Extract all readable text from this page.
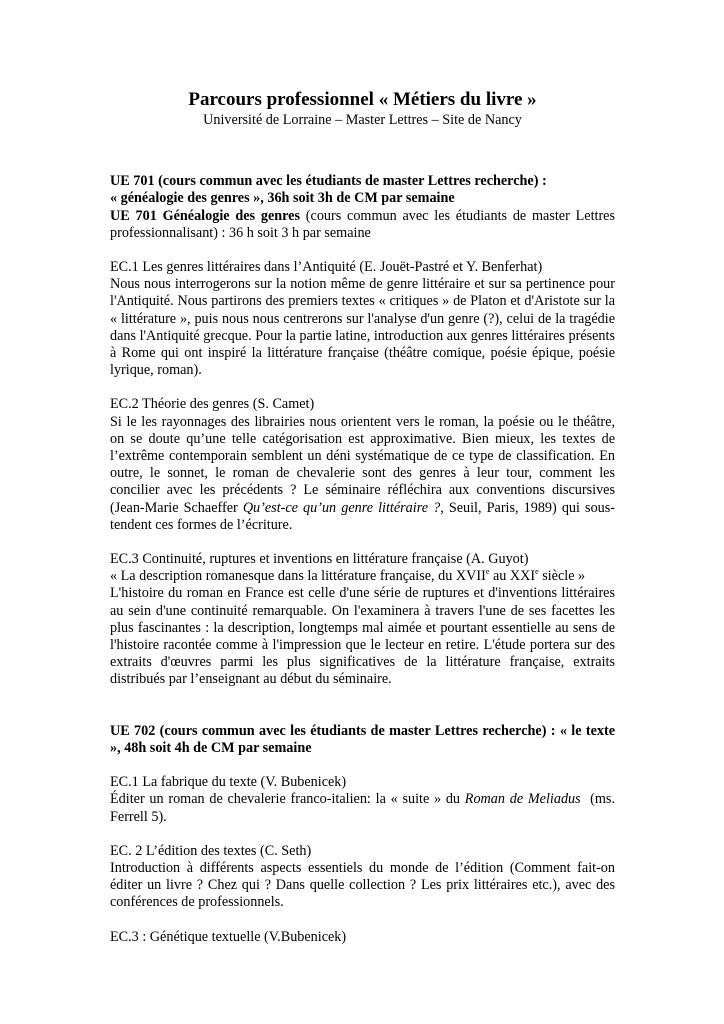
Parcours professionnel « Métiers du livre »
Université de Lorraine – Master Lettres – Site de Nancy
UE 701 (cours commun avec les étudiants de master Lettres recherche) :
« généalogie des genres », 36h soit 3h de CM par semaine

UE 701 Généalogie des genres (cours commun avec les étudiants de master Lettres professionnalisant) : 36 h soit 3 h par semaine

EC.1 Les genres littéraires dans l’Antiquité (E. Jouët-Pastré et Y. Benferhat)

Nous nous interrogerons sur la notion même de genre littéraire et sur sa pertinence pour l'Antiquité. Nous partirons des premiers textes « critiques » de Platon et d'Aristote sur la « littérature », puis nous nous centrerons sur l'analyse d'un genre (?), celui de la tragédie dans l'Antiquité grecque. Pour la partie latine, introduction aux genres littéraires présents à Rome qui ont inspiré la littérature française (théâtre comique, poésie épique, poésie lyrique, roman).

EC.2 Théorie des genres (S. Camet)

Si le les rayonnages des librairies nous orientent vers le roman, la poésie ou le théâtre, on se doute qu’une telle catégorisation est approximative. Bien mieux, les textes de l’extrême contemporain semblent un déni systématique de ce type de classification. En outre, le sonnet, le roman de chevalerie sont des genres à leur tour, comment les concilier avec les précédents ? Le séminaire réfléchira aux conventions discursives (Jean-Marie Schaeffer Qu’est-ce qu’un genre littéraire ?, Seuil, Paris, 1989) qui sous-tendent ces formes de l’écriture.

EC.3 Continuité, ruptures et inventions en littérature française (A. Guyot)
« La description romanesque dans la littérature française, du XVIIe au XXIe siècle »

L'histoire du roman en France est celle d'une série de ruptures et d'inventions littéraires au sein d'une continuité remarquable. On l'examinera à travers l'une de ses facettes les plus fascinantes : la description, longtemps mal aimée et pourtant essentielle au sens de l'histoire racontée comme à l'impression que le lecteur en retire. L'étude portera sur des extraits d'œuvres parmi les plus significatives de la littérature française, extraits distribués par l’enseignant au début du séminaire.

UE 702 (cours commun avec les étudiants de master Lettres recherche) : « le texte », 48h soit 4h de CM par semaine

EC.1 La fabrique du texte (V. Bubenicek)

Éditer un roman de chevalerie franco-italien: la « suite » du Roman de Meliadus  (ms. Ferrell 5).

EC. 2 L’édition des textes (C. Seth)

Introduction à différents aspects essentiels du monde de l’édition (Comment fait-on éditer un livre ? Chez qui ? Dans quelle collection ? Les prix littéraires etc.), avec des conférences de professionnels.

EC.3 : Génétique textuelle (V.Bubenicek)
